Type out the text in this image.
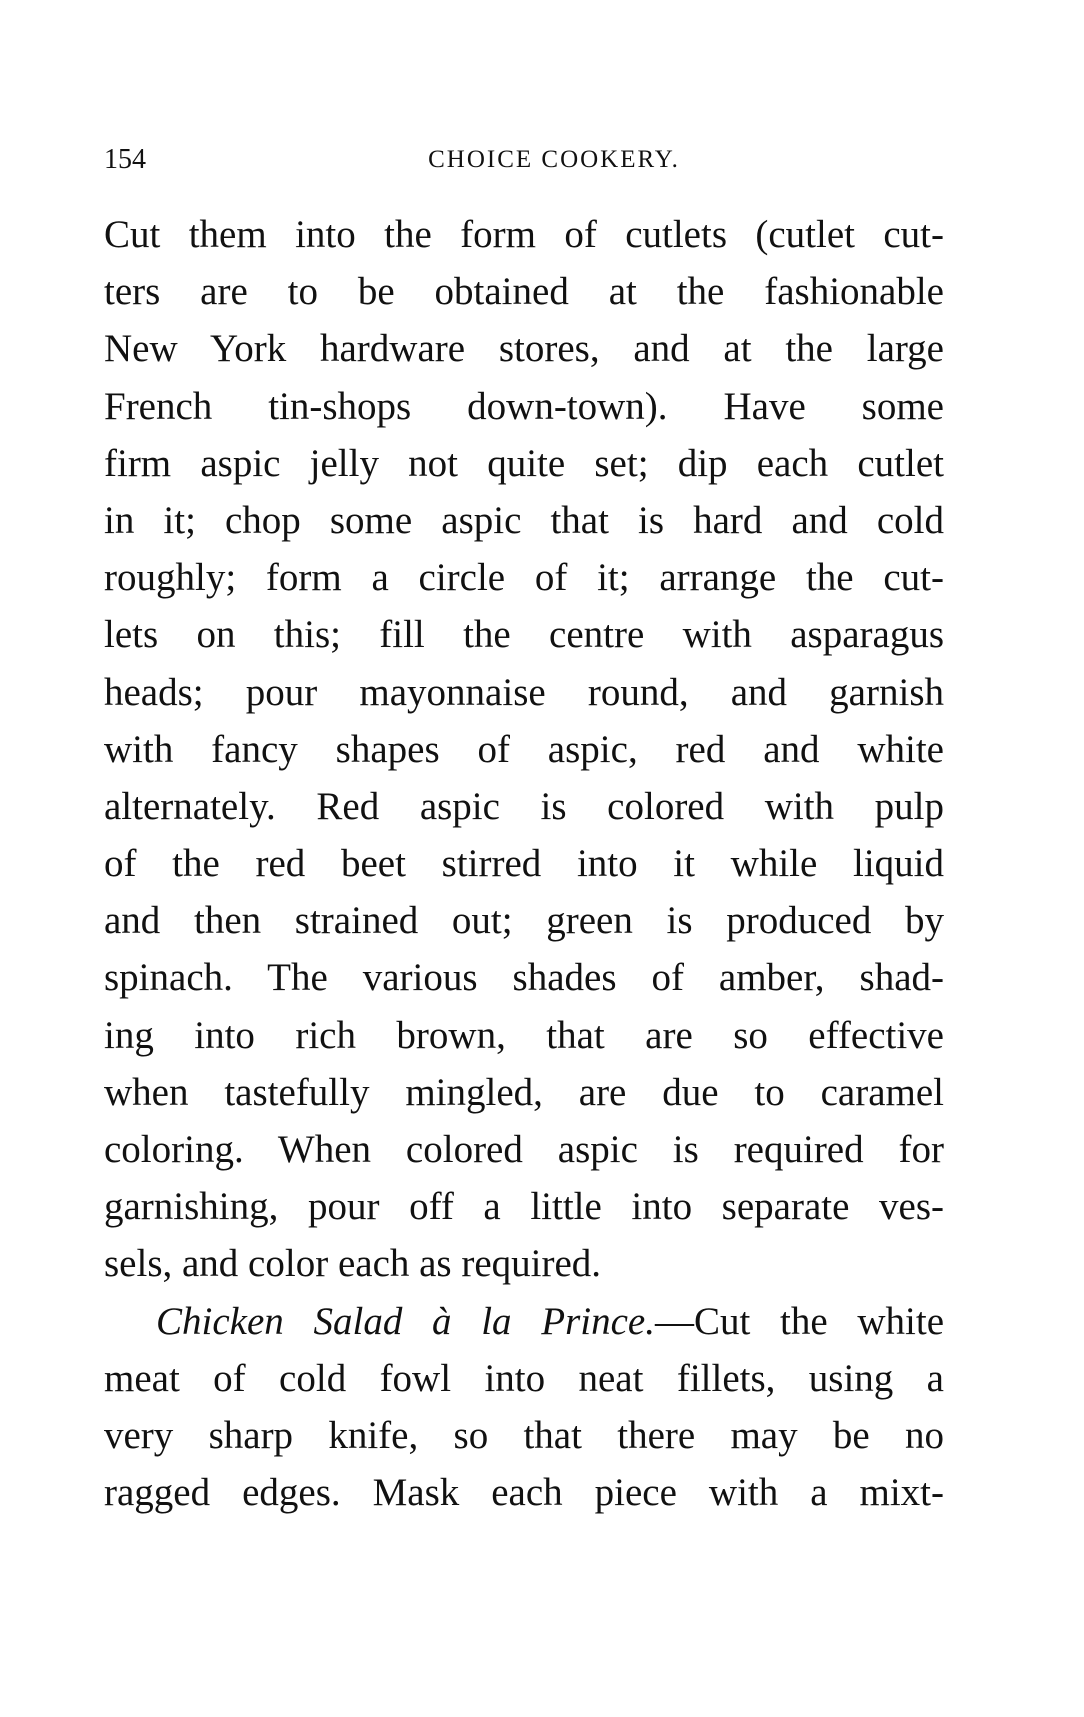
154	CHOICE COOKERY.
Cut them into the form of cutlets (cutlet cut-
ters are to be obtained at the fashionable
New York hardware stores, and at the large
French tin-shops down-town). Have some
firm aspic jelly not quite set; dip each cutlet
in it; chop some aspic that is hard and cold
roughly; form a circle of it; arrange the cut-
lets on this; fill the centre with asparagus
heads; pour mayonnaise round, and garnish
with fancy shapes of aspic, red and white
alternately. Red aspic is colored with pulp
of the red beet stirred into it while liquid
and then strained out; green is produced by
spinach. The various shades of amber, shad-
ing into rich brown, that are so effective
when tastefully mingled, are due to caramel
coloring. When colored aspic is required for
garnishing, pour off a little into separate ves-
sels, and color each as required.
Chicken Salad à la Prince.—Cut the white
meat of cold fowl into neat fillets, using a
very sharp knife, so that there may be no
ragged edges. Mask each piece with a mixt-
